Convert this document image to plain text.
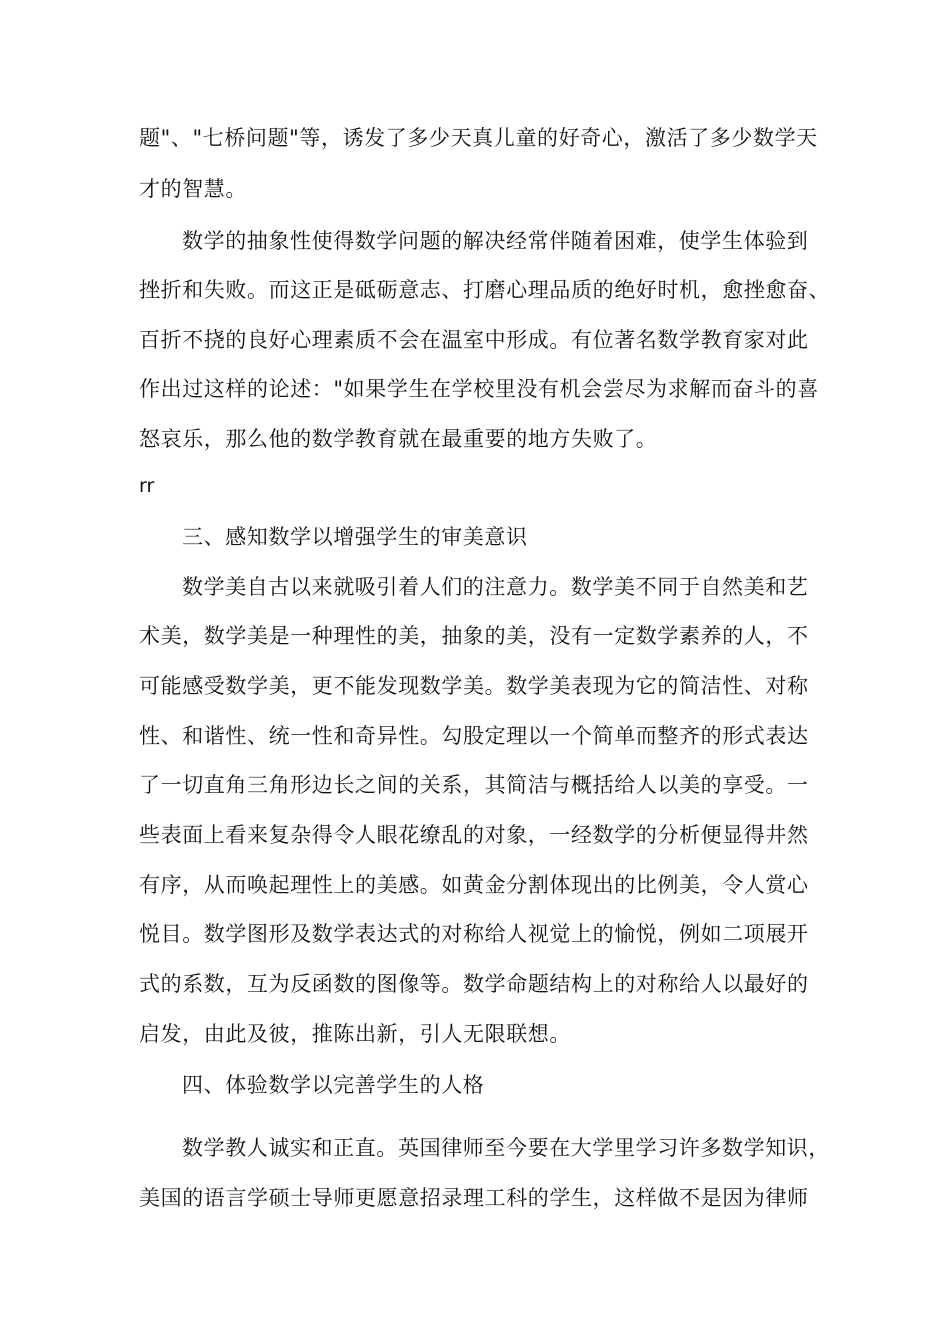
题"、"七桥问题"等，诱发了多少天真儿童的好奇心，激活了多少数学天
才的智慧。
数学的抽象性使得数学问题的解决经常伴随着困难，使学生体验到
挫折和失败。而这正是砥砺意志、打磨心理品质的绝好时机，愈挫愈奋、
百折不挠的良好心理素质不会在温室中形成。有位著名数学教育家对此
作出过这样的论述："如果学生在学校里没有机会尝尽为求解而奋斗的喜
怒哀乐，那么他的数学教育就在最重要的地方失败了。
rr
三、感知数学以增强学生的审美意识
数学美自古以来就吸引着人们的注意力。数学美不同于自然美和艺
术美，数学美是一种理性的美，抽象的美，没有一定数学素养的人，不
可能感受数学美，更不能发现数学美。数学美表现为它的简洁性、对称
性、和谐性、统一性和奇异性。勾股定理以一个简单而整齐的形式表达
了一切直角三角形边长之间的关系，其简洁与概括给人以美的享受。一
些表面上看来复杂得令人眼花缭乱的对象，一经数学的分析便显得井然
有序，从而唤起理性上的美感。如黄金分割体现出的比例美，令人赏心
悦目。数学图形及数学表达式的对称给人视觉上的愉悦，例如二项展开
式的系数，互为反函数的图像等。数学命题结构上的对称给人以最好的
启发，由此及彼，推陈出新，引人无限联想。
四、体验数学以完善学生的人格
数学教人诚实和正直。英国律师至今要在大学里学习许多数学知识，
美国的语言学硕士导师更愿意招录理工科的学生，这样做不是因为律师
